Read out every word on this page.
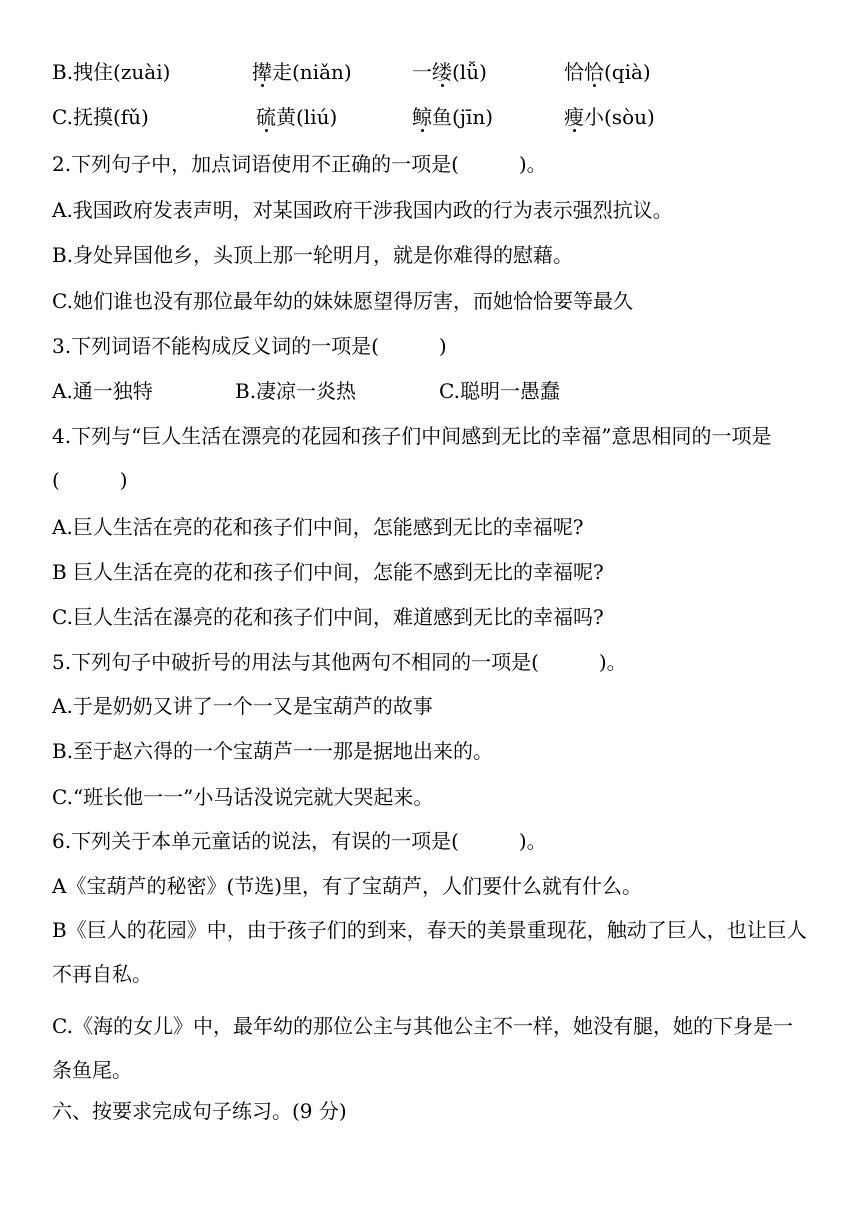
B.拽住(zuài)	撵走(niǎn)	一缕(lǚ)	恰恰(qià)
C.抚摸(fǔ)	硫黄(liú)	鲸鱼(jīn)	瘦小(sòu)
2.下列句子中，加点词语使用不正确的一项是(　　　)。
A.我国政府发表声明，对某国政府干涉我国内政的行为表示强烈抗议。
B.身处异国他乡，头顶上那一轮明月，就是你难得的慰藉。
C.她们谁也没有那位最年幼的妹妹愿望得厉害，而她恰恰要等最久
3.下列词语不能构成反义词的一项是(　　　)
A.通一独特	B.凄凉一炎热	C.聪明一愚蠢
4.下列与“巨人生活在漂亮的花园和孩子们中间感到无比的幸福”意思相同的一项是(　　　)
A.巨人生活在亮的花和孩子们中间，怎能感到无比的幸福呢?
B 巨人生活在亮的花和孩子们中间，怎能不感到无比的幸福呢?
C.巨人生活在瀑亮的花和孩子们中间，难道感到无比的幸福吗?
5.下列句子中破折号的用法与其他两句不相同的一项是(　　　)。
A.于是奶奶又讲了一个一又是宝葫芦的故事
B.至于赵六得的一个宝葫芦一一那是据地出来的。
C.“班长他一一”小马话没说完就大哭起来。
6.下列关于本单元童话的说法，有误的一项是(　　　)。
A《宝葫芦的秘密》(节选)里，有了宝葫芦，人们要什么就有什么。
B《巨人的花园》中，由于孩子们的到来，春天的美景重现花，触动了巨人，也让巨人不再自私。
C.《海的女儿》中，最年幼的那位公主与其他公主不一样，她没有腿，她的下身是一条鱼尾。
六、按要求完成句子练习。(9 分)
